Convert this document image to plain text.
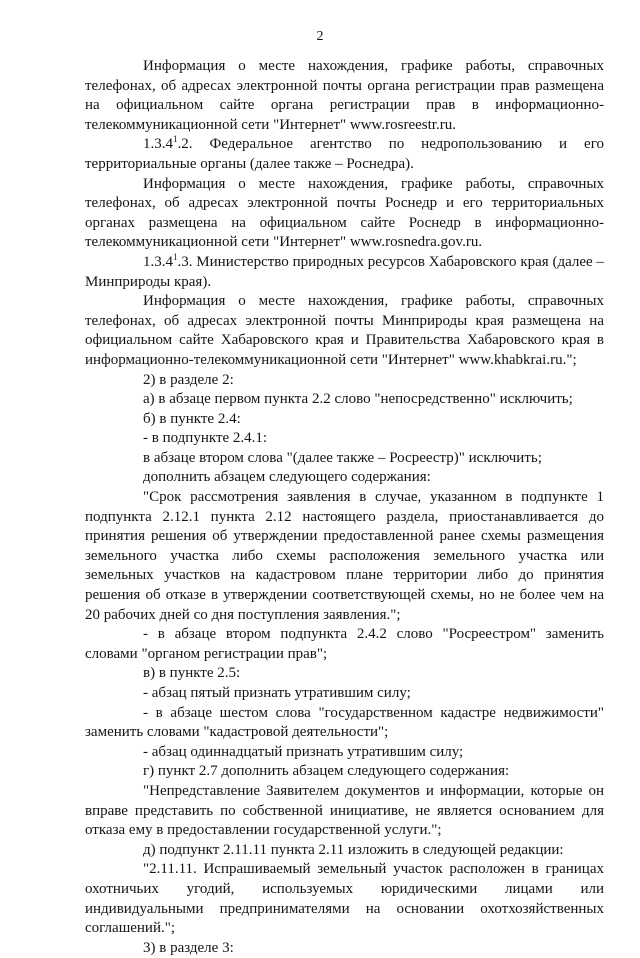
2

Информация о месте нахождения, графике работы, справочных телефонах, об адресах электронной почты органа регистрации прав размещена на официальном сайте органа регистрации прав в информационно-телекоммуникационной сети "Интернет" www.rosreestr.ru.

1.3.4$^1$.2. Федеральное агентство по недропользованию и его территориальные органы (далее также – Роснедра).

Информация о месте нахождения, графике работы, справочных телефонах, об адресах электронной почты Роснедр и его территориальных органах размещена на официальном сайте Роснедр в информационно-телекоммуникационной сети "Интернет" www.rosnedra.gov.ru.

1.3.4$^1$.3. Министерство природных ресурсов Хабаровского края (далее – Минприроды края).

Информация о месте нахождения, графике работы, справочных телефонах, об адресах электронной почты Минприроды края размещена на официальном сайте Хабаровского края и Правительства Хабаровского края в информационно-телекоммуникационной сети "Интернет" www.khabkrai.ru.";

2) в разделе 2:

а) в абзаце первом пункта 2.2 слово "непосредственно" исключить;

б) в пункте 2.4:

- в подпункте 2.4.1:

в абзаце втором слова "(далее также – Росреестр)" исключить;

дополнить абзацем следующего содержания:

"Срок рассмотрения заявления в случае, указанном в подпункте 1 подпункта 2.12.1 пункта 2.12 настоящего раздела, приостанавливается до принятия решения об утверждении предоставленной ранее схемы размещения земельного участка либо схемы расположения земельного участка или земельных участков на кадастровом плане территории либо до принятия решения об отказе в утверждении соответствующей схемы, но не более чем на 20 рабочих дней со дня поступления заявления.";

- в абзаце втором подпункта 2.4.2 слово "Росреестром" заменить словами "органом регистрации прав";

в) в пункте 2.5:

- абзац пятый признать утратившим силу;

- в абзаце шестом слова "государственном кадастре недвижимости" заменить словами "кадастровой деятельности";

- абзац одиннадцатый признать утратившим силу;

г) пункт 2.7 дополнить абзацем следующего содержания:

"Непредставление Заявителем документов и информации, которые он вправе представить по собственной инициативе, не является основанием для отказа ему в предоставлении государственной услуги.";

д) подпункт 2.11.11 пункта 2.11 изложить в следующей редакции:

"2.11.11. Испрашиваемый земельный участок расположен в границах охотничьих угодий, используемых юридическими лицами или индивидуальными предпринимателями на основании охотхозяйственных соглашений.";

3) в разделе 3:
